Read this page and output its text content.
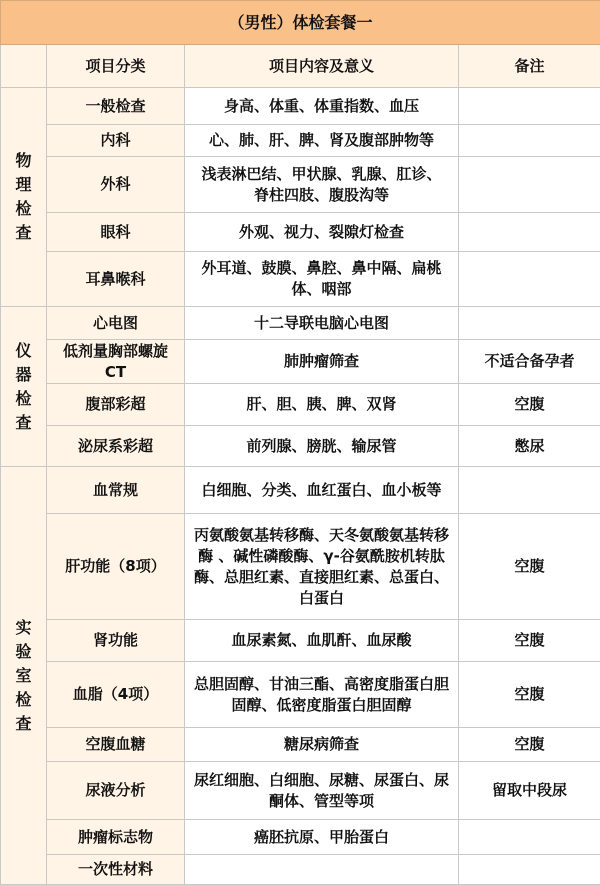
（男性）体检套餐一			
	项目分类	项目内容及意义	备注
物理检查	一般检查	身高、体重、体重指数、血压	
	内科	心、肺、肝、脾、肾及腹部肿物等	
	外科	浅表淋巴结、甲状腺、乳腺、肛诊、脊柱四肢、腹股沟等	
	眼科	外观、视力、裂隙灯检查	
	耳鼻喉科	外耳道、鼓膜、鼻腔、鼻中隔、扁桃体、咽部	
仪器检查	心电图	十二导联电脑心电图	
	低剂量胸部螺旋CT	肺肿瘤筛查	不适合备孕者
	腹部彩超	肝、胆、胰、脾、双肾	空腹
	泌尿系彩超	前列腺、膀胱、输尿管	憋尿
实验室检查	血常规	白细胞、分类、血红蛋白、血小板等	
	肝功能（8项）	丙氨酸氨基转移酶、天冬氨酸氨基转移酶 、碱性磷酸酶、γ-谷氨酰胺机转肽酶、总胆红素、直接胆红素、总蛋白、白蛋白	空腹
	肾功能	血尿素氮、血肌酐、血尿酸	空腹
	血脂（4项）	总胆固醇、甘油三酯、高密度脂蛋白胆固醇、低密度脂蛋白胆固醇	空腹
	空腹血糖	糖尿病筛查	空腹
	尿液分析	尿红细胞、白细胞、尿糖、尿蛋白、尿酮体、管型等项	留取中段尿
	肿瘤标志物	癌胚抗原、甲胎蛋白	
	一次性材料		
